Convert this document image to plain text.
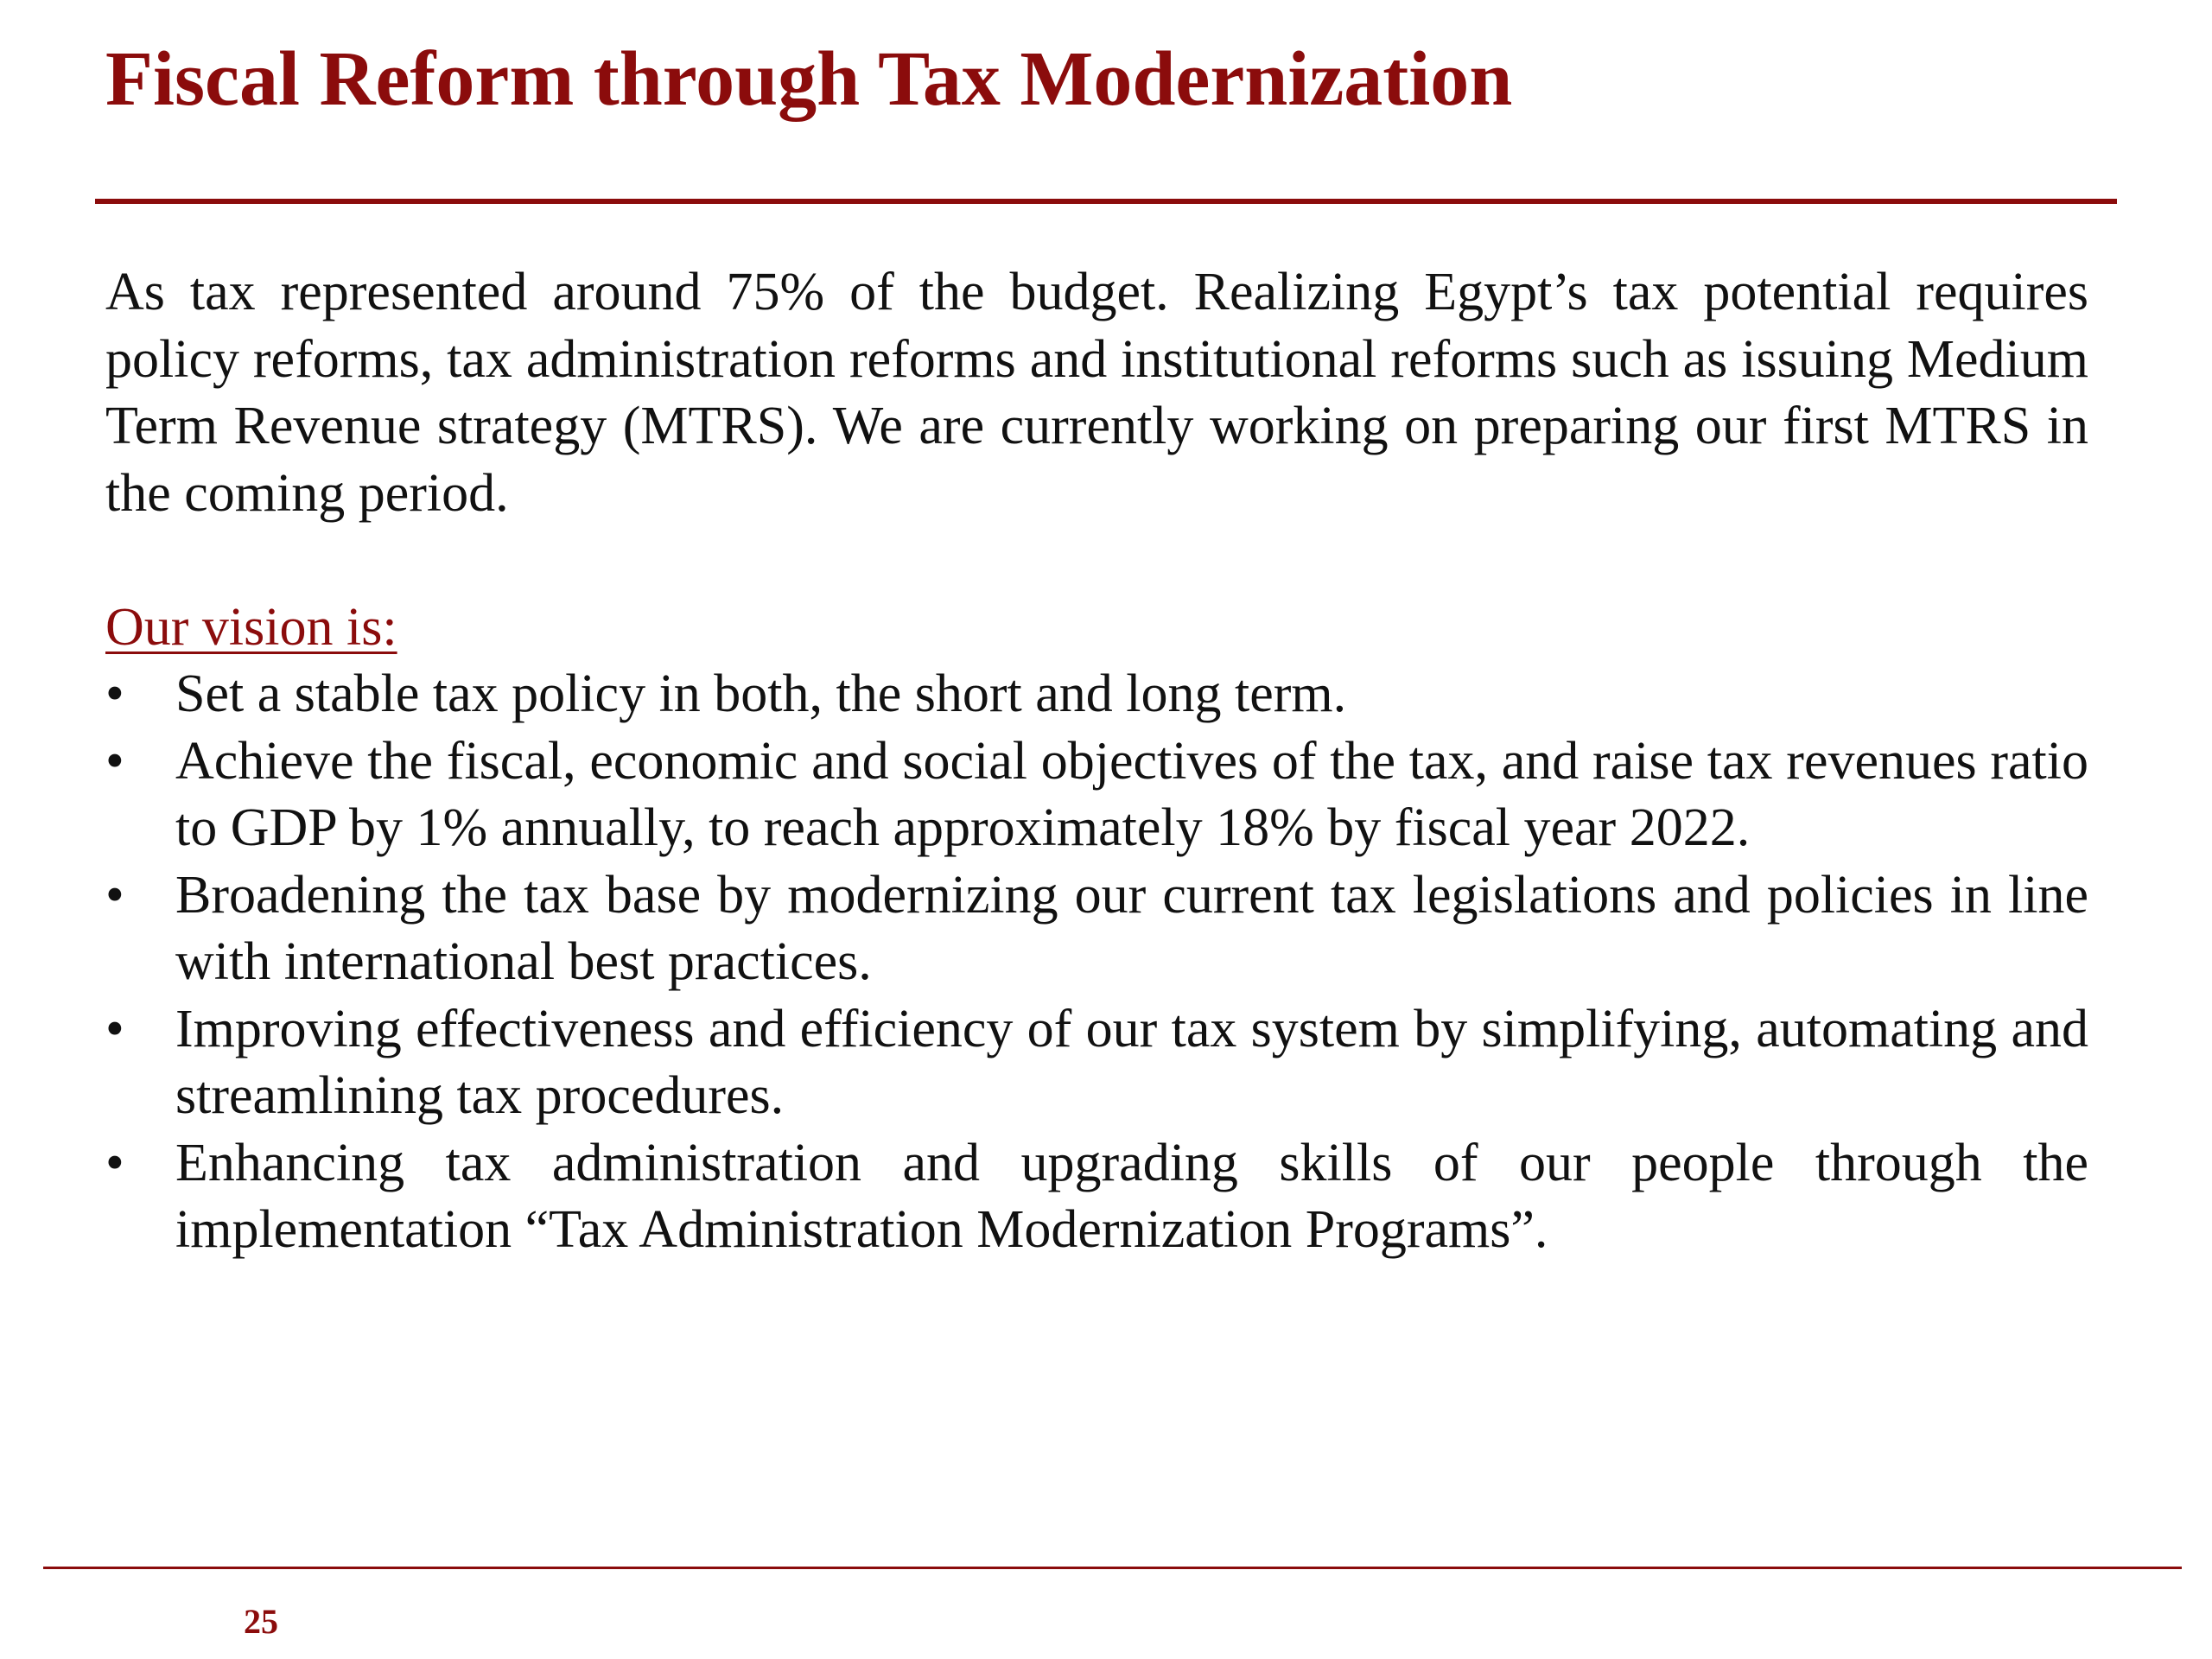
Fiscal Reform through Tax Modernization

As tax represented around 75% of the budget. Realizing Egypt’s tax potential requires policy reforms, tax administration reforms and institutional reforms such as issuing Medium Term Revenue strategy (MTRS). We are currently working on preparing our first MTRS in the coming period.

Our vision is:
• Set a stable tax policy in both, the short and long term.
• Achieve the fiscal, economic and social objectives of the tax, and raise tax revenues ratio to GDP by 1% annually, to reach approximately 18% by fiscal year 2022.
• Broadening the tax base by modernizing our current tax legislations and policies in line with international best practices.
• Improving effectiveness and efficiency of our tax system by simplifying, automating and streamlining tax procedures.
• Enhancing tax administration and upgrading skills of our people through the implementation “Tax Administration Modernization Programs”.
25
